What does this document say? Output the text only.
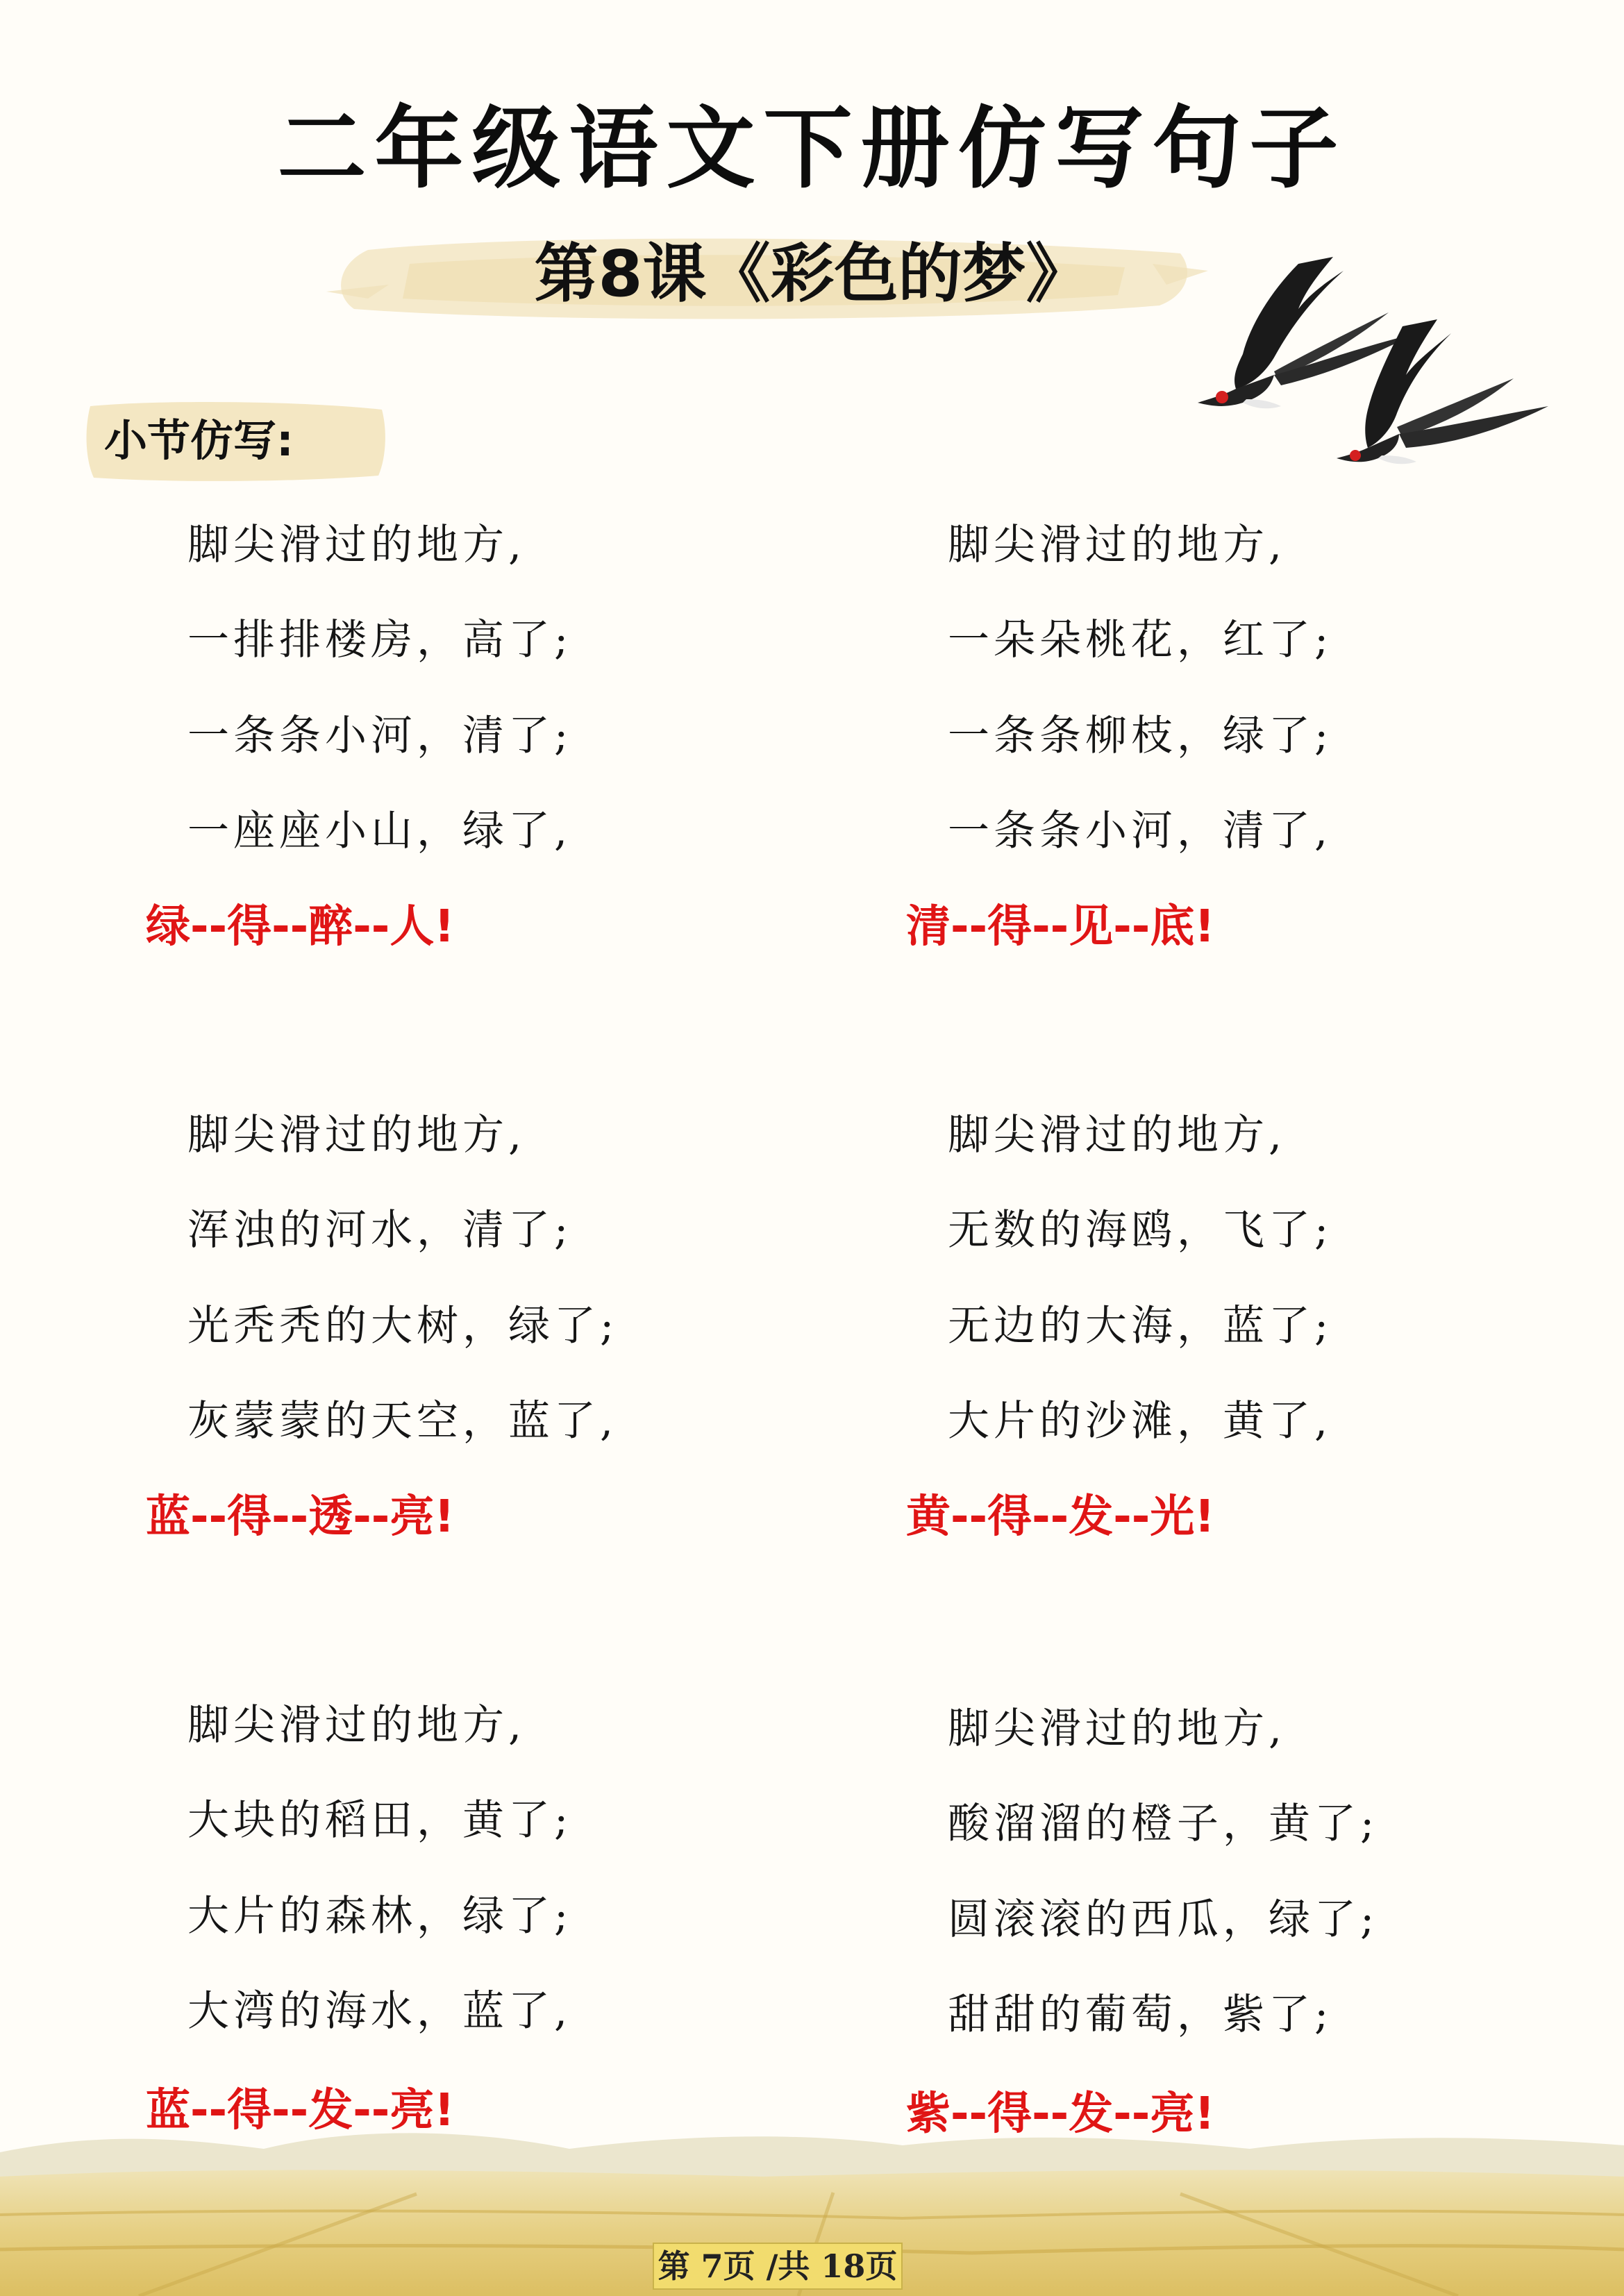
二年级语文下册仿写句子
第8课《彩色的梦》
小节仿写:
脚尖滑过的地方,
一排排楼房，高了;
一条条小河，清了;
一座座小山，绿了,
绿--得--醉--人!
脚尖滑过的地方,
一朵朵桃花，红了;
一条条柳枝，绿了;
一条条小河，清了,
清--得--见--底!
脚尖滑过的地方,
浑浊的河水，清了;
光秃秃的大树，绿了;
灰蒙蒙的天空，蓝了,
蓝--得--透--亮!
脚尖滑过的地方,
无数的海鸥，飞了;
无边的大海，蓝了;
大片的沙滩，黄了,
黄--得--发--光!
脚尖滑过的地方,
大块的稻田，黄了;
大片的森林，绿了;
大湾的海水，蓝了,
蓝--得--发--亮!
脚尖滑过的地方,
酸溜溜的橙子，黄了;
圆滚滚的西瓜，绿了;
甜甜的葡萄，紫了;
紫--得--发--亮!
第 7页 /共 18页
